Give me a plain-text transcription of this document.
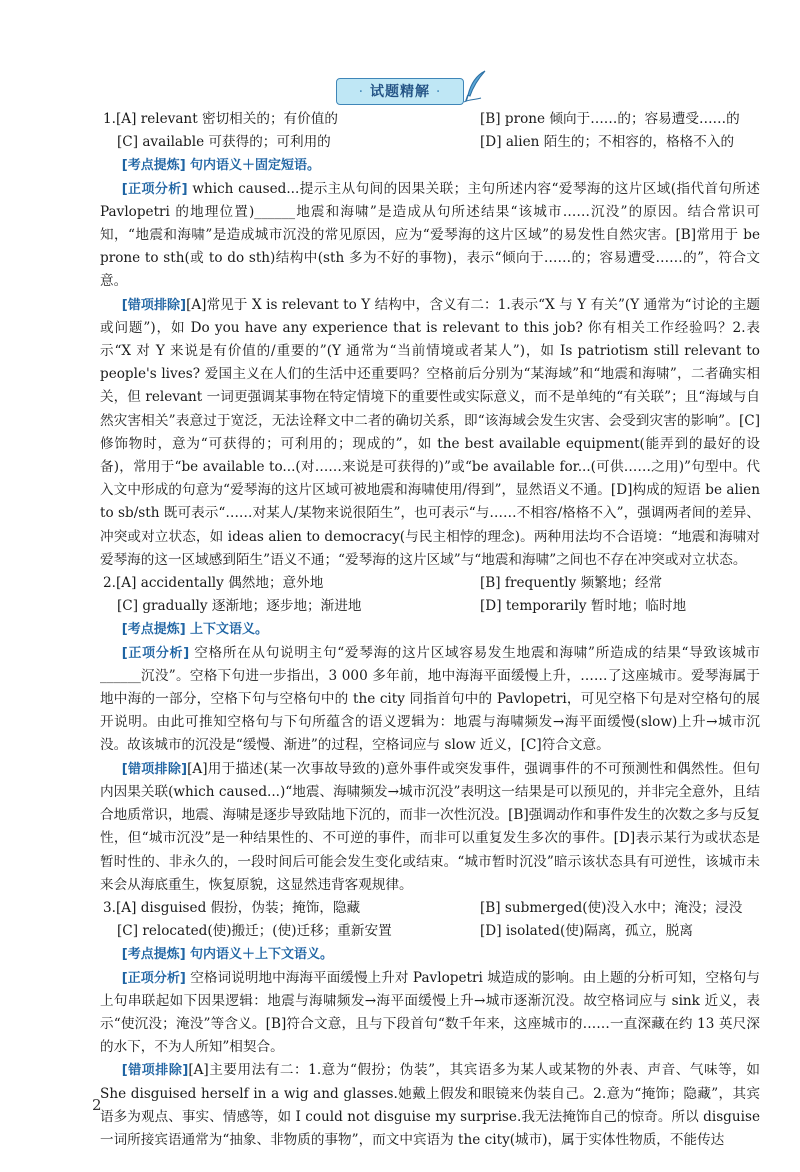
· 试题精解 ·
1.[A] relevant 密切相关的；有价值的	[B] prone 倾向于……的；容易遭受……的
[C] available 可获得的；可利用的	[D] alien 陌生的；不相容的，格格不入的

[考点提炼] 句内语义＋固定短语。

[正项分析] which caused...提示主从句间的因果关联；主句所述内容“爱琴海的这片区域(指代首句所述 Pavlopetri 的地理位置)______地震和海啸”是造成从句所述结果“该城市……沉没”的原因。结合常识可知，“地震和海啸”是造成城市沉没的常见原因，应为“爱琴海的这片区域”的易发性自然灾害。[B]常用于 be prone to sth(或 to do sth)结构中(sth 多为不好的事物)，表示“倾向于……的；容易遭受……的”，符合文意。

[错项排除][A]常见于 X is relevant to Y 结构中，含义有二：1.表示“X 与 Y 有关”(Y 通常为“讨论的主题或问题”)，如 Do you have any experience that is relevant to this job? 你有相关工作经验吗？2.表示“X 对 Y 来说是有价值的/重要的”(Y 通常为“当前情境或者某人”)，如 Is patriotism still relevant to people's lives? 爱国主义在人们的生活中还重要吗？空格前后分别为“某海域”和“地震和海啸”，二者确实相关，但 relevant 一词更强调某事物在特定情境下的重要性或实际意义，而不是单纯的“有关联”；且“海域与自然灾害相关”表意过于宽泛，无法诠释文中二者的确切关系，即“该海域会发生灾害、会受到灾害的影响”。[C]修饰物时，意为“可获得的；可利用的；现成的”，如 the best available equipment(能弄到的最好的设备)，常用于“be available to...(对……来说是可获得的)”或“be available for...(可供……之用)”句型中。代入文中形成的句意为“爱琴海的这片区域可被地震和海啸使用/得到”，显然语义不通。[D]构成的短语 be alien to sb/sth 既可表示“……对某人/某物来说很陌生”，也可表示“与……不相容/格格不入”，强调两者间的差异、冲突或对立状态，如 ideas alien to democracy(与民主相悖的理念)。两种用法均不合语境：“地震和海啸对爱琴海的这一区域感到陌生”语义不通；“爱琴海的这片区域”与“地震和海啸”之间也不存在冲突或对立状态。

2.[A] accidentally 偶然地；意外地	[B] frequently 频繁地；经常
[C] gradually 逐渐地；逐步地；渐进地	[D] temporarily 暂时地；临时地

[考点提炼] 上下文语义。

[正项分析] 空格所在从句说明主句“爱琴海的这片区域容易发生地震和海啸”所造成的结果“导致该城市______沉没”。空格下句进一步指出，3 000 多年前，地中海海平面缓慢上升，……了这座城市。爱琴海属于地中海的一部分，空格下句与空格句中的 the city 同指首句中的 Pavlopetri，可见空格下句是对空格句的展开说明。由此可推知空格句与下句所蕴含的语义逻辑为：地震与海啸频发→海平面缓慢(slow)上升→城市沉没。故该城市的沉没是“缓慢、渐进”的过程，空格词应与 slow 近义，[C]符合文意。

[错项排除][A]用于描述(某一次事故导致的)意外事件或突发事件，强调事件的不可预测性和偶然性。但句内因果关联(which caused...)“地震、海啸频发→城市沉没”表明这一结果是可以预见的，并非完全意外，且结合地质常识，地震、海啸是逐步导致陆地下沉的，而非一次性沉没。[B]强调动作和事件发生的次数之多与反复性，但“城市沉没”是一种结果性的、不可逆的事件，而非可以重复发生多次的事件。[D]表示某行为或状态是暂时性的、非永久的，一段时间后可能会发生变化或结束。“城市暂时沉没”暗示该状态具有可逆性，该城市未来会从海底重生，恢复原貌，这显然违背客观规律。

3.[A] disguised 假扮，伪装；掩饰，隐藏	[B] submerged(使)没入水中；淹没；浸没
[C] relocated(使)搬迁；(使)迁移；重新安置	[D] isolated(使)隔离，孤立，脱离

[考点提炼] 句内语义＋上下文语义。

[正项分析] 空格词说明地中海海平面缓慢上升对 Pavlopetri 城造成的影响。由上题的分析可知，空格句与上句串联起如下因果逻辑：地震与海啸频发→海平面缓慢上升→城市逐渐沉没。故空格词应与 sink 近义，表示“使沉没；淹没”等含义。[B]符合文意，且与下段首句“数千年来，这座城市的……一直深藏在约 13 英尺深的水下，不为人所知”相契合。

[错项排除][A]主要用法有二：1.意为“假扮；伪装”，其宾语多为某人或某物的外表、声音、气味等，如 She disguised herself in a wig and glasses.她戴上假发和眼镜来伪装自己。2.意为“掩饰；隐藏”，其宾语多为观点、事实、情感等，如 I could not disguise my surprise.我无法掩饰自己的惊奇。所以 disguise 一词所接宾语通常为“抽象、非物质的事物”，而文中宾语为 the city(城市)，属于实体性物质，不能传达

2
